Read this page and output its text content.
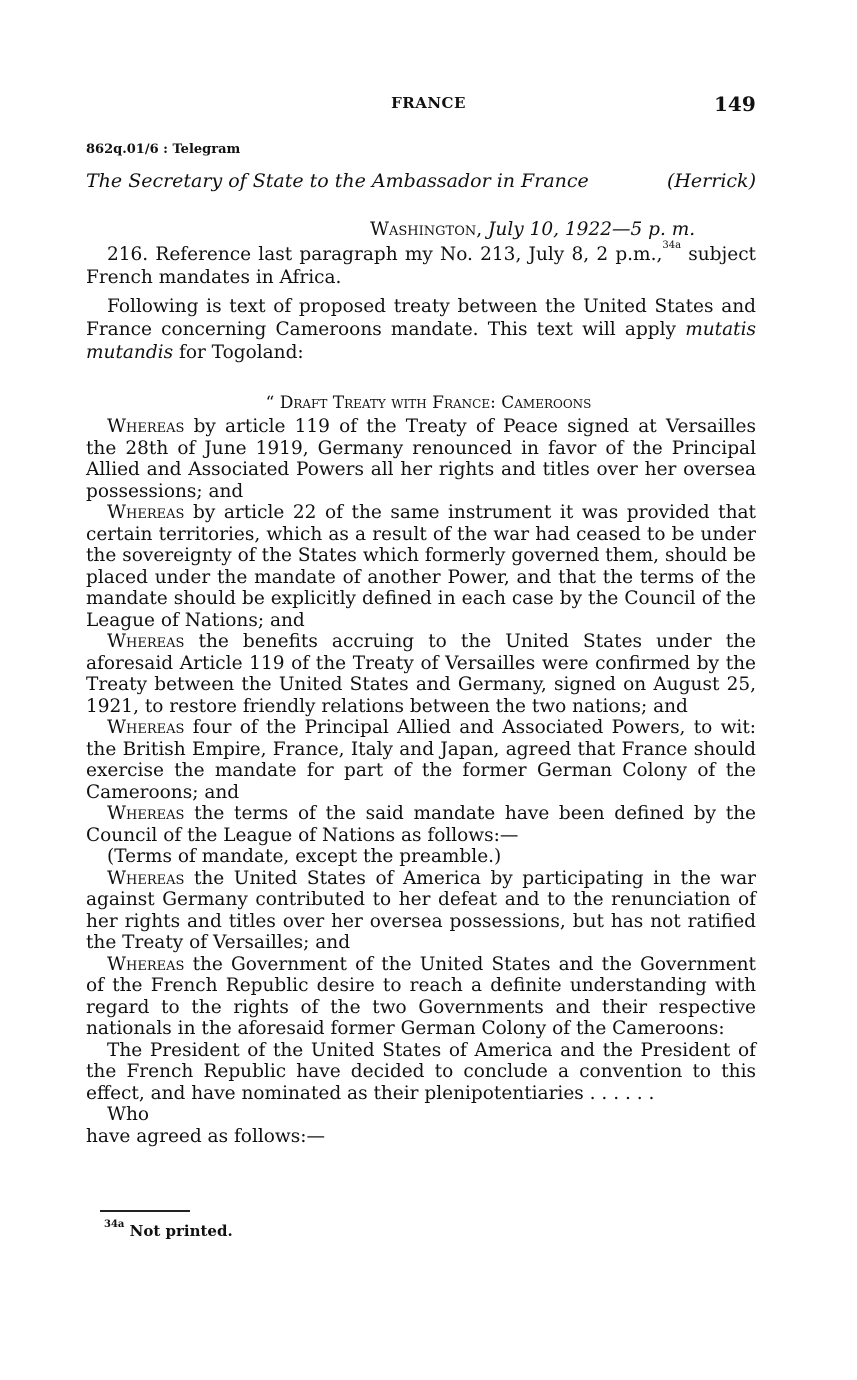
FRANCE	149
862q.01/6 : Telegram
The Secretary of State to the Ambassador in France	(Herrick)
Washington, July 10, 1922—5 p. m.

216. Reference last paragraph my No. 213, July 8, 2 p.m.,$^{34a}$ subject French mandates in Africa.

Following is text of proposed treaty between the United States and France concerning Cameroons mandate. This text will apply mutatis mutandis for Togoland:

“ Draft Treaty with France: Cameroons

Whereas by article 119 of the Treaty of Peace signed at Versailles the 28th of June 1919, Germany renounced in favor of the Principal Allied and Associated Powers all her rights and titles over her oversea possessions; and

Whereas by article 22 of the same instrument it was provided that certain territories, which as a result of the war had ceased to be under the sovereignty of the States which formerly governed them, should be placed under the mandate of another Power, and that the terms of the mandate should be explicitly defined in each case by the Council of the League of Nations; and

Whereas the benefits accruing to the United States under the aforesaid Article 119 of the Treaty of Versailles were confirmed by the Treaty between the United States and Germany, signed on August 25, 1921, to restore friendly relations between the two nations; and

Whereas four of the Principal Allied and Associated Powers, to wit: the British Empire, France, Italy and Japan, agreed that France should exercise the mandate for part of the former German Colony of the Cameroons; and

Whereas the terms of the said mandate have been defined by the Council of the League of Nations as follows:—

(Terms of mandate, except the preamble.)

Whereas the United States of America by participating in the war against Germany contributed to her defeat and to the renunciation of her rights and titles over her oversea possessions, but has not ratified the Treaty of Versailles; and

Whereas the Government of the United States and the Government of the French Republic desire to reach a definite understanding with regard to the rights of the two Governments and their respective nationals in the aforesaid former German Colony of the Cameroons:

The President of the United States of America and the President of the French Republic have decided to conclude a convention to this effect, and have nominated as their plenipotentiaries . . . . . .

Who

have agreed as follows:—

$^{34a}$ Not printed.
